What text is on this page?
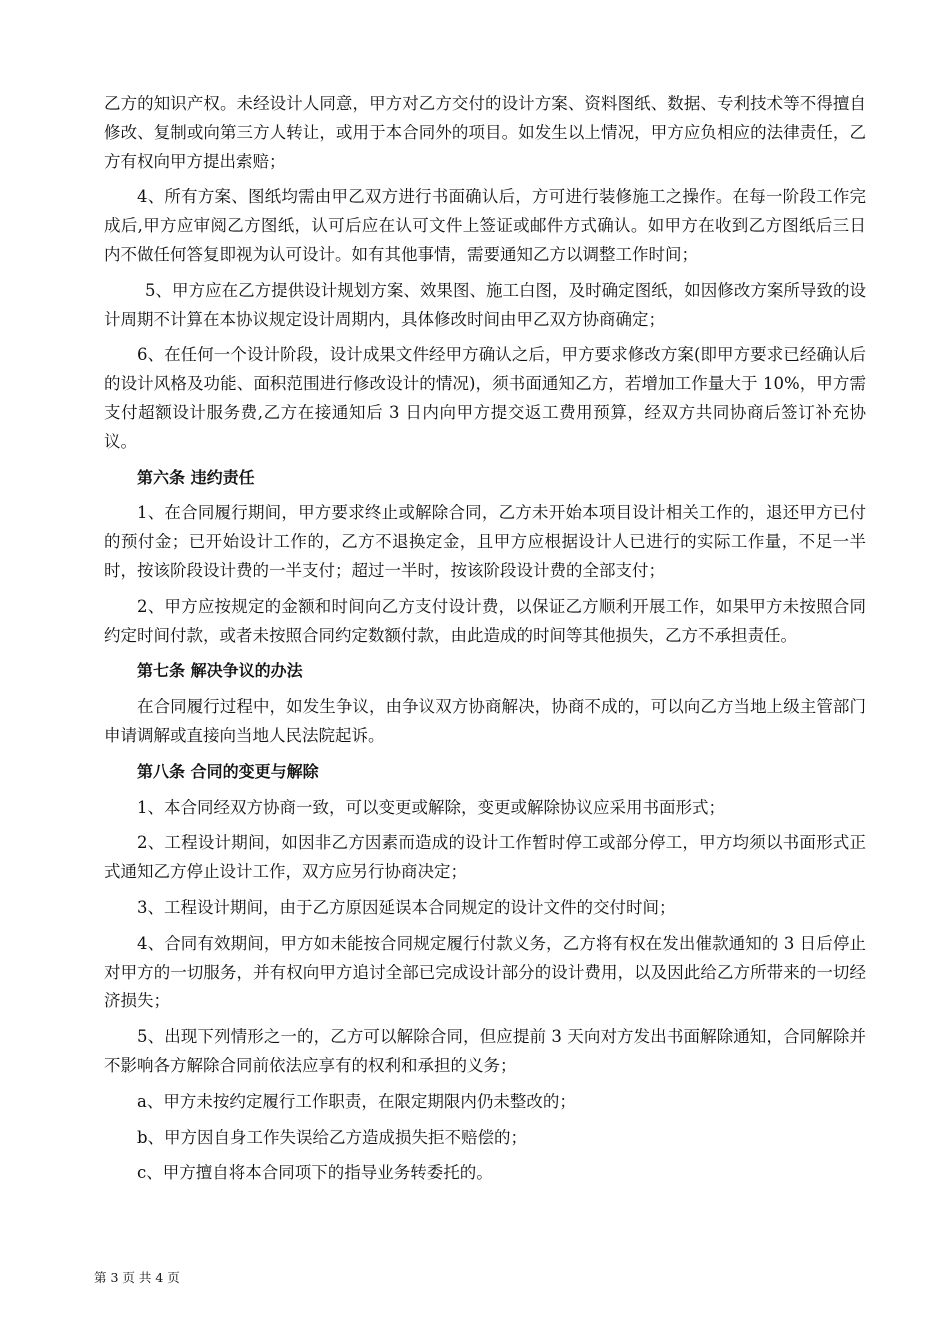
乙方的知识产权。未经设计人同意，甲方对乙方交付的设计方案、资料图纸、数据、专利技术等不得擅自修改、复制或向第三方人转让，或用于本合同外的项目。如发生以上情况，甲方应负相应的法律责任，乙方有权向甲方提出索赔；

4、所有方案、图纸均需由甲乙双方进行书面确认后，方可进行装修施工之操作。在每一阶段工作完成后,甲方应审阅乙方图纸，认可后应在认可文件上签证或邮件方式确认。如甲方在收到乙方图纸后三日内不做任何答复即视为认可设计。如有其他事情，需要通知乙方以调整工作时间；

5、甲方应在乙方提供设计规划方案、效果图、施工白图，及时确定图纸，如因修改方案所导致的设计周期不计算在本协议规定设计周期内，具体修改时间由甲乙双方协商确定；

6、在任何一个设计阶段，设计成果文件经甲方确认之后，甲方要求修改方案(即甲方要求已经确认后的设计风格及功能、面积范围进行修改设计的情况)，须书面通知乙方，若增加工作量大于 10%，甲方需支付超额设计服务费,乙方在接通知后 3 日内向甲方提交返工费用预算，经双方共同协商后签订补充协议。

第六条 违约责任

1、在合同履行期间，甲方要求终止或解除合同，乙方未开始本项目设计相关工作的，退还甲方已付的预付金；已开始设计工作的，乙方不退换定金，且甲方应根据设计人已进行的实际工作量，不足一半时，按该阶段设计费的一半支付；超过一半时，按该阶段设计费的全部支付；

2、甲方应按规定的金额和时间向乙方支付设计费，以保证乙方顺利开展工作，如果甲方未按照合同约定时间付款，或者未按照合同约定数额付款，由此造成的时间等其他损失，乙方不承担责任。

第七条 解决争议的办法

在合同履行过程中，如发生争议，由争议双方协商解决，协商不成的，可以向乙方当地上级主管部门申请调解或直接向当地人民法院起诉。

第八条 合同的变更与解除

1、本合同经双方协商一致，可以变更或解除，变更或解除协议应采用书面形式；

2、工程设计期间，如因非乙方因素而造成的设计工作暂时停工或部分停工，甲方均须以书面形式正式通知乙方停止设计工作，双方应另行协商决定；

3、工程设计期间，由于乙方原因延误本合同规定的设计文件的交付时间；

4、合同有效期间，甲方如未能按合同规定履行付款义务，乙方将有权在发出催款通知的 3 日后停止对甲方的一切服务，并有权向甲方追讨全部已完成设计部分的设计费用，以及因此给乙方所带来的一切经济损失；

5、出现下列情形之一的，乙方可以解除合同，但应提前 3 天向对方发出书面解除通知，合同解除并不影响各方解除合同前依法应享有的权利和承担的义务；

a、甲方未按约定履行工作职责，在限定期限内仍未整改的；

b、甲方因自身工作失误给乙方造成损失拒不赔偿的；

c、甲方擅自将本合同项下的指导业务转委托的。

第 3 页 共 4 页
